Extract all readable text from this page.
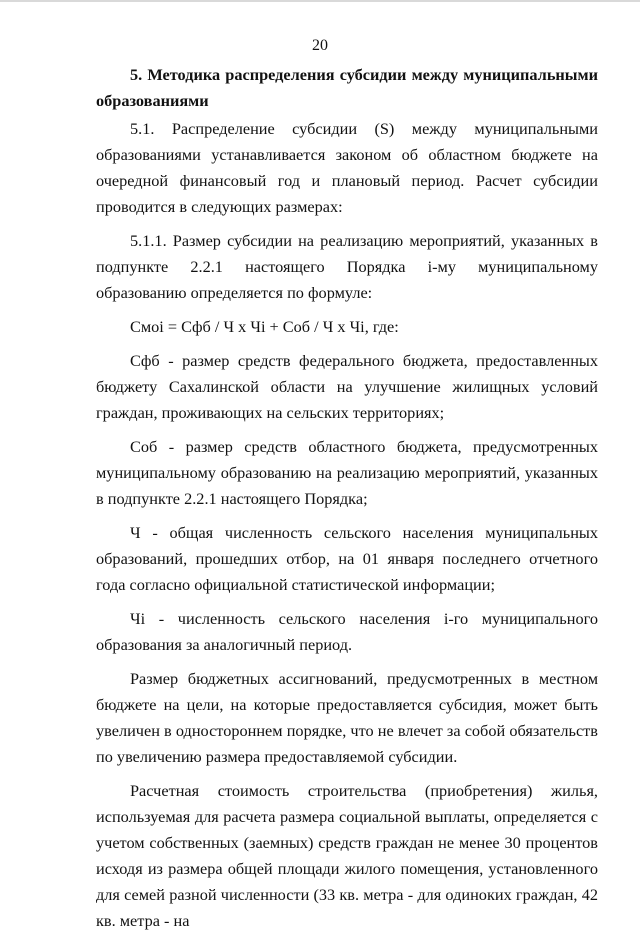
20

5. Методика распределения субсидии между муниципальными образованиями

5.1. Распределение субсидии (S) между муниципальными образованиями устанавливается законом об областном бюджете на очередной финансовый год и плановый период. Расчет субсидии проводится в следующих размерах:

5.1.1. Размер субсидии на реализацию мероприятий, указанных в подпункте 2.2.1 настоящего Порядка i-му муниципальному образованию определяется по формуле:

Смоi = Сфб / Ч x Чi + Соб / Ч x Чi, где:

Сфб - размер средств федерального бюджета, предоставленных бюджету Сахалинской области на улучшение жилищных условий граждан, проживающих на сельских территориях;

Соб - размер средств областного бюджета, предусмотренных муниципальному образованию на реализацию мероприятий, указанных в подпункте 2.2.1 настоящего Порядка;

Ч - общая численность сельского населения муниципальных образований, прошедших отбор, на 01 января последнего отчетного года согласно официальной статистической информации;

Чi - численность сельского населения i-го муниципального образования за аналогичный период.

Размер бюджетных ассигнований, предусмотренных в местном бюджете на цели, на которые предоставляется субсидия, может быть увеличен в одностороннем порядке, что не влечет за собой обязательств по увеличению размера предоставляемой субсидии.

Расчетная стоимость строительства (приобретения) жилья, используемая для расчета размера социальной выплаты, определяется с учетом собственных (заемных) средств граждан не менее 30 процентов исходя из размера общей площади жилого помещения, установленного для семей разной численности (33 кв. метра - для одиноких граждан, 42 кв. метра - на
